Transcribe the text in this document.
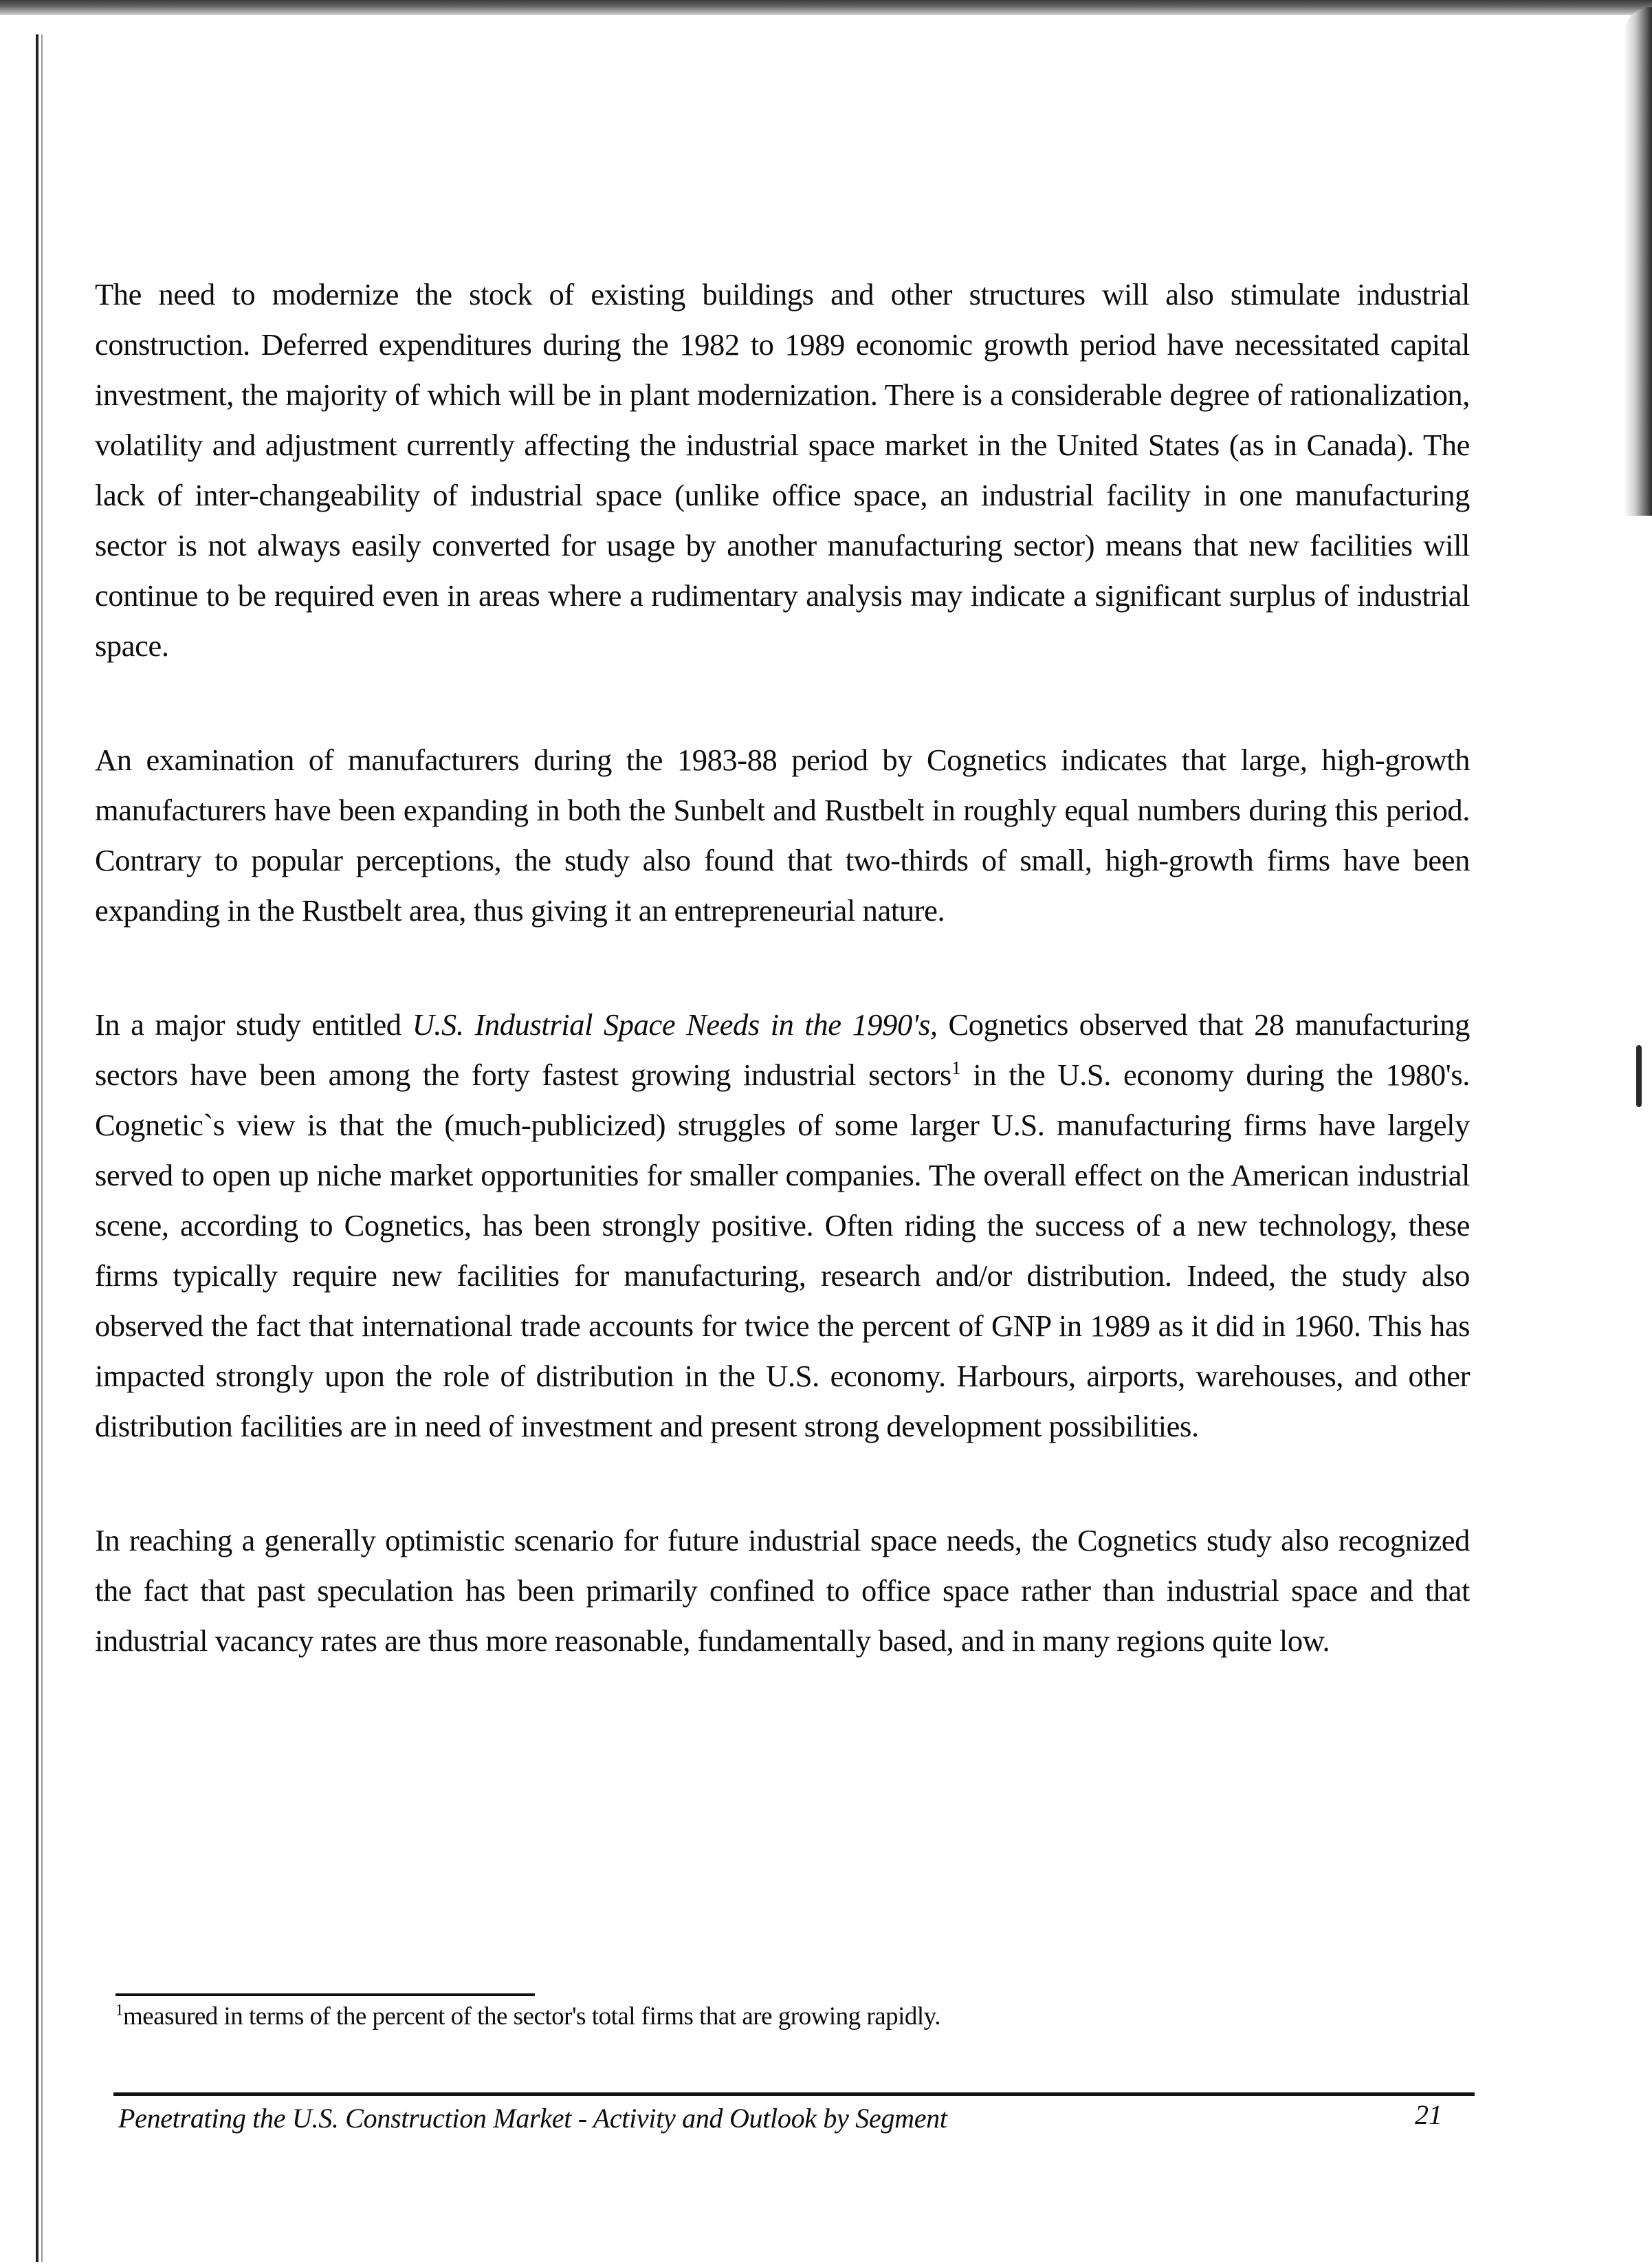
The need to modernize the stock of existing buildings and other structures will also stimulate industrial construction. Deferred expenditures during the 1982 to 1989 economic growth period have necessitated capital investment, the majority of which will be in plant modernization. There is a considerable degree of rationalization, volatility and adjustment currently affecting the industrial space market in the United States (as in Canada). The lack of inter-changeability of industrial space (unlike office space, an industrial facility in one manufacturing sector is not always easily converted for usage by another manufacturing sector) means that new facilities will continue to be required even in areas where a rudimentary analysis may indicate a significant surplus of industrial space.

An examination of manufacturers during the 1983-88 period by Cognetics indicates that large, high-growth manufacturers have been expanding in both the Sunbelt and Rustbelt in roughly equal numbers during this period. Contrary to popular perceptions, the study also found that two-thirds of small, high-growth firms have been expanding in the Rustbelt area, thus giving it an entrepreneurial nature.

In a major study entitled U.S. Industrial Space Needs in the 1990's, Cognetics observed that 28 manufacturing sectors have been among the forty fastest growing industrial sectors$^1$ in the U.S. economy during the 1980's. Cognetic`s view is that the (much-publicized) struggles of some larger U.S. manufacturing firms have largely served to open up niche market opportunities for smaller companies. The overall effect on the American industrial scene, according to Cognetics, has been strongly positive. Often riding the success of a new technology, these firms typically require new facilities for manufacturing, research and/or distribution. Indeed, the study also observed the fact that international trade accounts for twice the percent of GNP in 1989 as it did in 1960. This has impacted strongly upon the role of distribution in the U.S. economy. Harbours, airports, warehouses, and other distribution facilities are in need of investment and present strong development possibilities.

In reaching a generally optimistic scenario for future industrial space needs, the Cognetics study also recognized the fact that past speculation has been primarily confined to office space rather than industrial space and that industrial vacancy rates are thus more reasonable, fundamentally based, and in many regions quite low.

$^1$measured in terms of the percent of the sector's total firms that are growing rapidly.
Penetrating the U.S. Construction Market - Activity and Outlook by Segment	21
